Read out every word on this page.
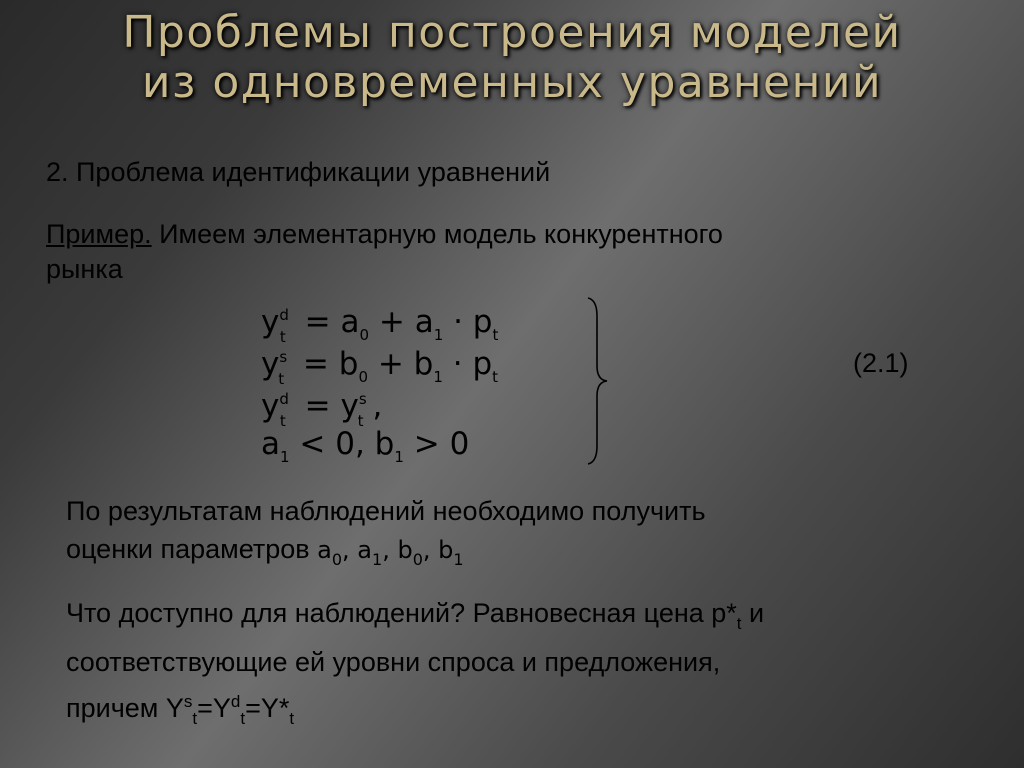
Проблемы построения моделей
из одновременных уравнений
2. Проблема идентификации уравнений
Пример. Имеем элементарную модель конкурентного
рынка
$y^d_t = a_0 + a_1 \cdot p_t$
$y^s_t = b_0 + b_1 \cdot p_t$
$y^d_t = y^s_t$ ,
$a_1 < 0$, $b_1 > 0$
(2.1)
По результатам наблюдений необходимо получить
оценки параметров $a_0$, $a_1$, $b_0$, $b_1$
Что доступно для наблюдений? Равновесная цена $p*_t$ и
соответствующие ей уровни спроса и предложения,
причем $Y^s_t=Y^d_t=Y*_t$
